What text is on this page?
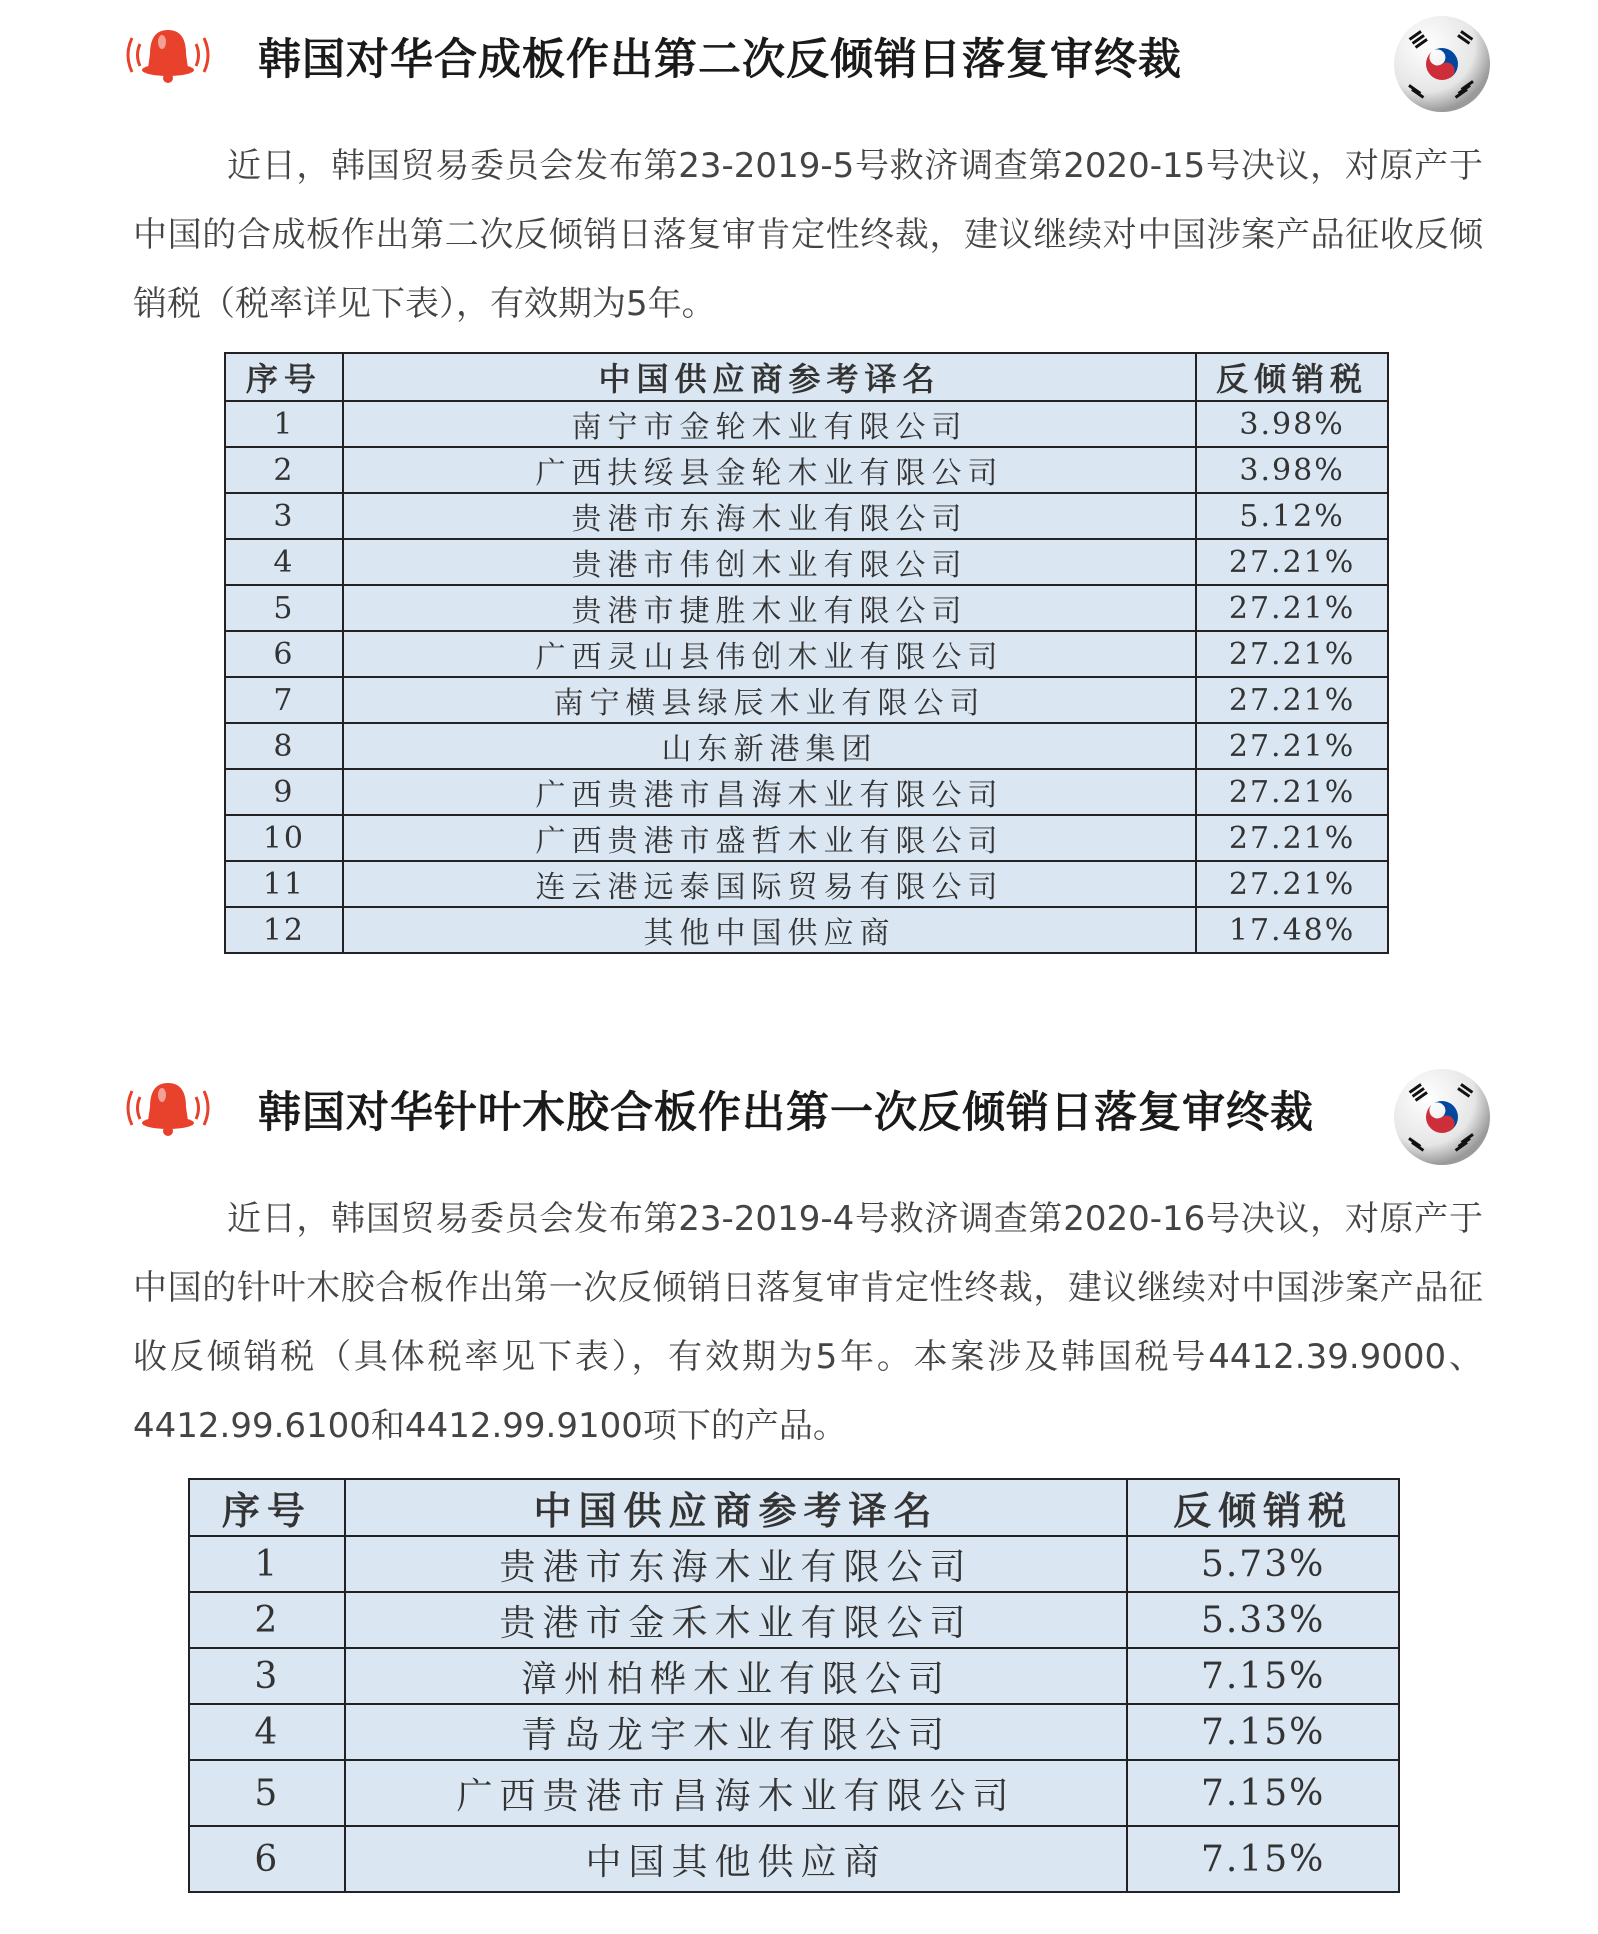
韩国对华合成板作出第二次反倾销日落复审终裁

近日，韩国贸易委员会发布第23-2019-5号救济调查第2020-15号决议，对原产于中国的合成板作出第二次反倾销日落复审肯定性终裁，建议继续对中国涉案产品征收反倾销税（税率详见下表），有效期为5年。

序号	中国供应商参考译名	反倾销税
1	南宁市金轮木业有限公司	3.98%
2	广西扶绥县金轮木业有限公司	3.98%
3	贵港市东海木业有限公司	5.12%
4	贵港市伟创木业有限公司	27.21%
5	贵港市捷胜木业有限公司	27.21%
6	广西灵山县伟创木业有限公司	27.21%
7	南宁横县绿辰木业有限公司	27.21%
8	山东新港集团	27.21%
9	广西贵港市昌海木业有限公司	27.21%
10	广西贵港市盛哲木业有限公司	27.21%
11	连云港远泰国际贸易有限公司	27.21%
12	其他中国供应商	17.48%
韩国对华针叶木胶合板作出第一次反倾销日落复审终裁

近日，韩国贸易委员会发布第23-2019-4号救济调查第2020-16号决议，对原产于中国的针叶木胶合板作出第一次反倾销日落复审肯定性终裁，建议继续对中国涉案产品征收反倾销税（具体税率见下表），有效期为5年。本案涉及韩国税号4412.39.9000、4412.99.6100和4412.99.9100项下的产品。

序号	中国供应商参考译名	反倾销税
1	贵港市东海木业有限公司	5.73%
2	贵港市金禾木业有限公司	5.33%
3	漳州柏桦木业有限公司	7.15%
4	青岛龙宇木业有限公司	7.15%
5	广西贵港市昌海木业有限公司	7.15%
6	中国其他供应商	7.15%
